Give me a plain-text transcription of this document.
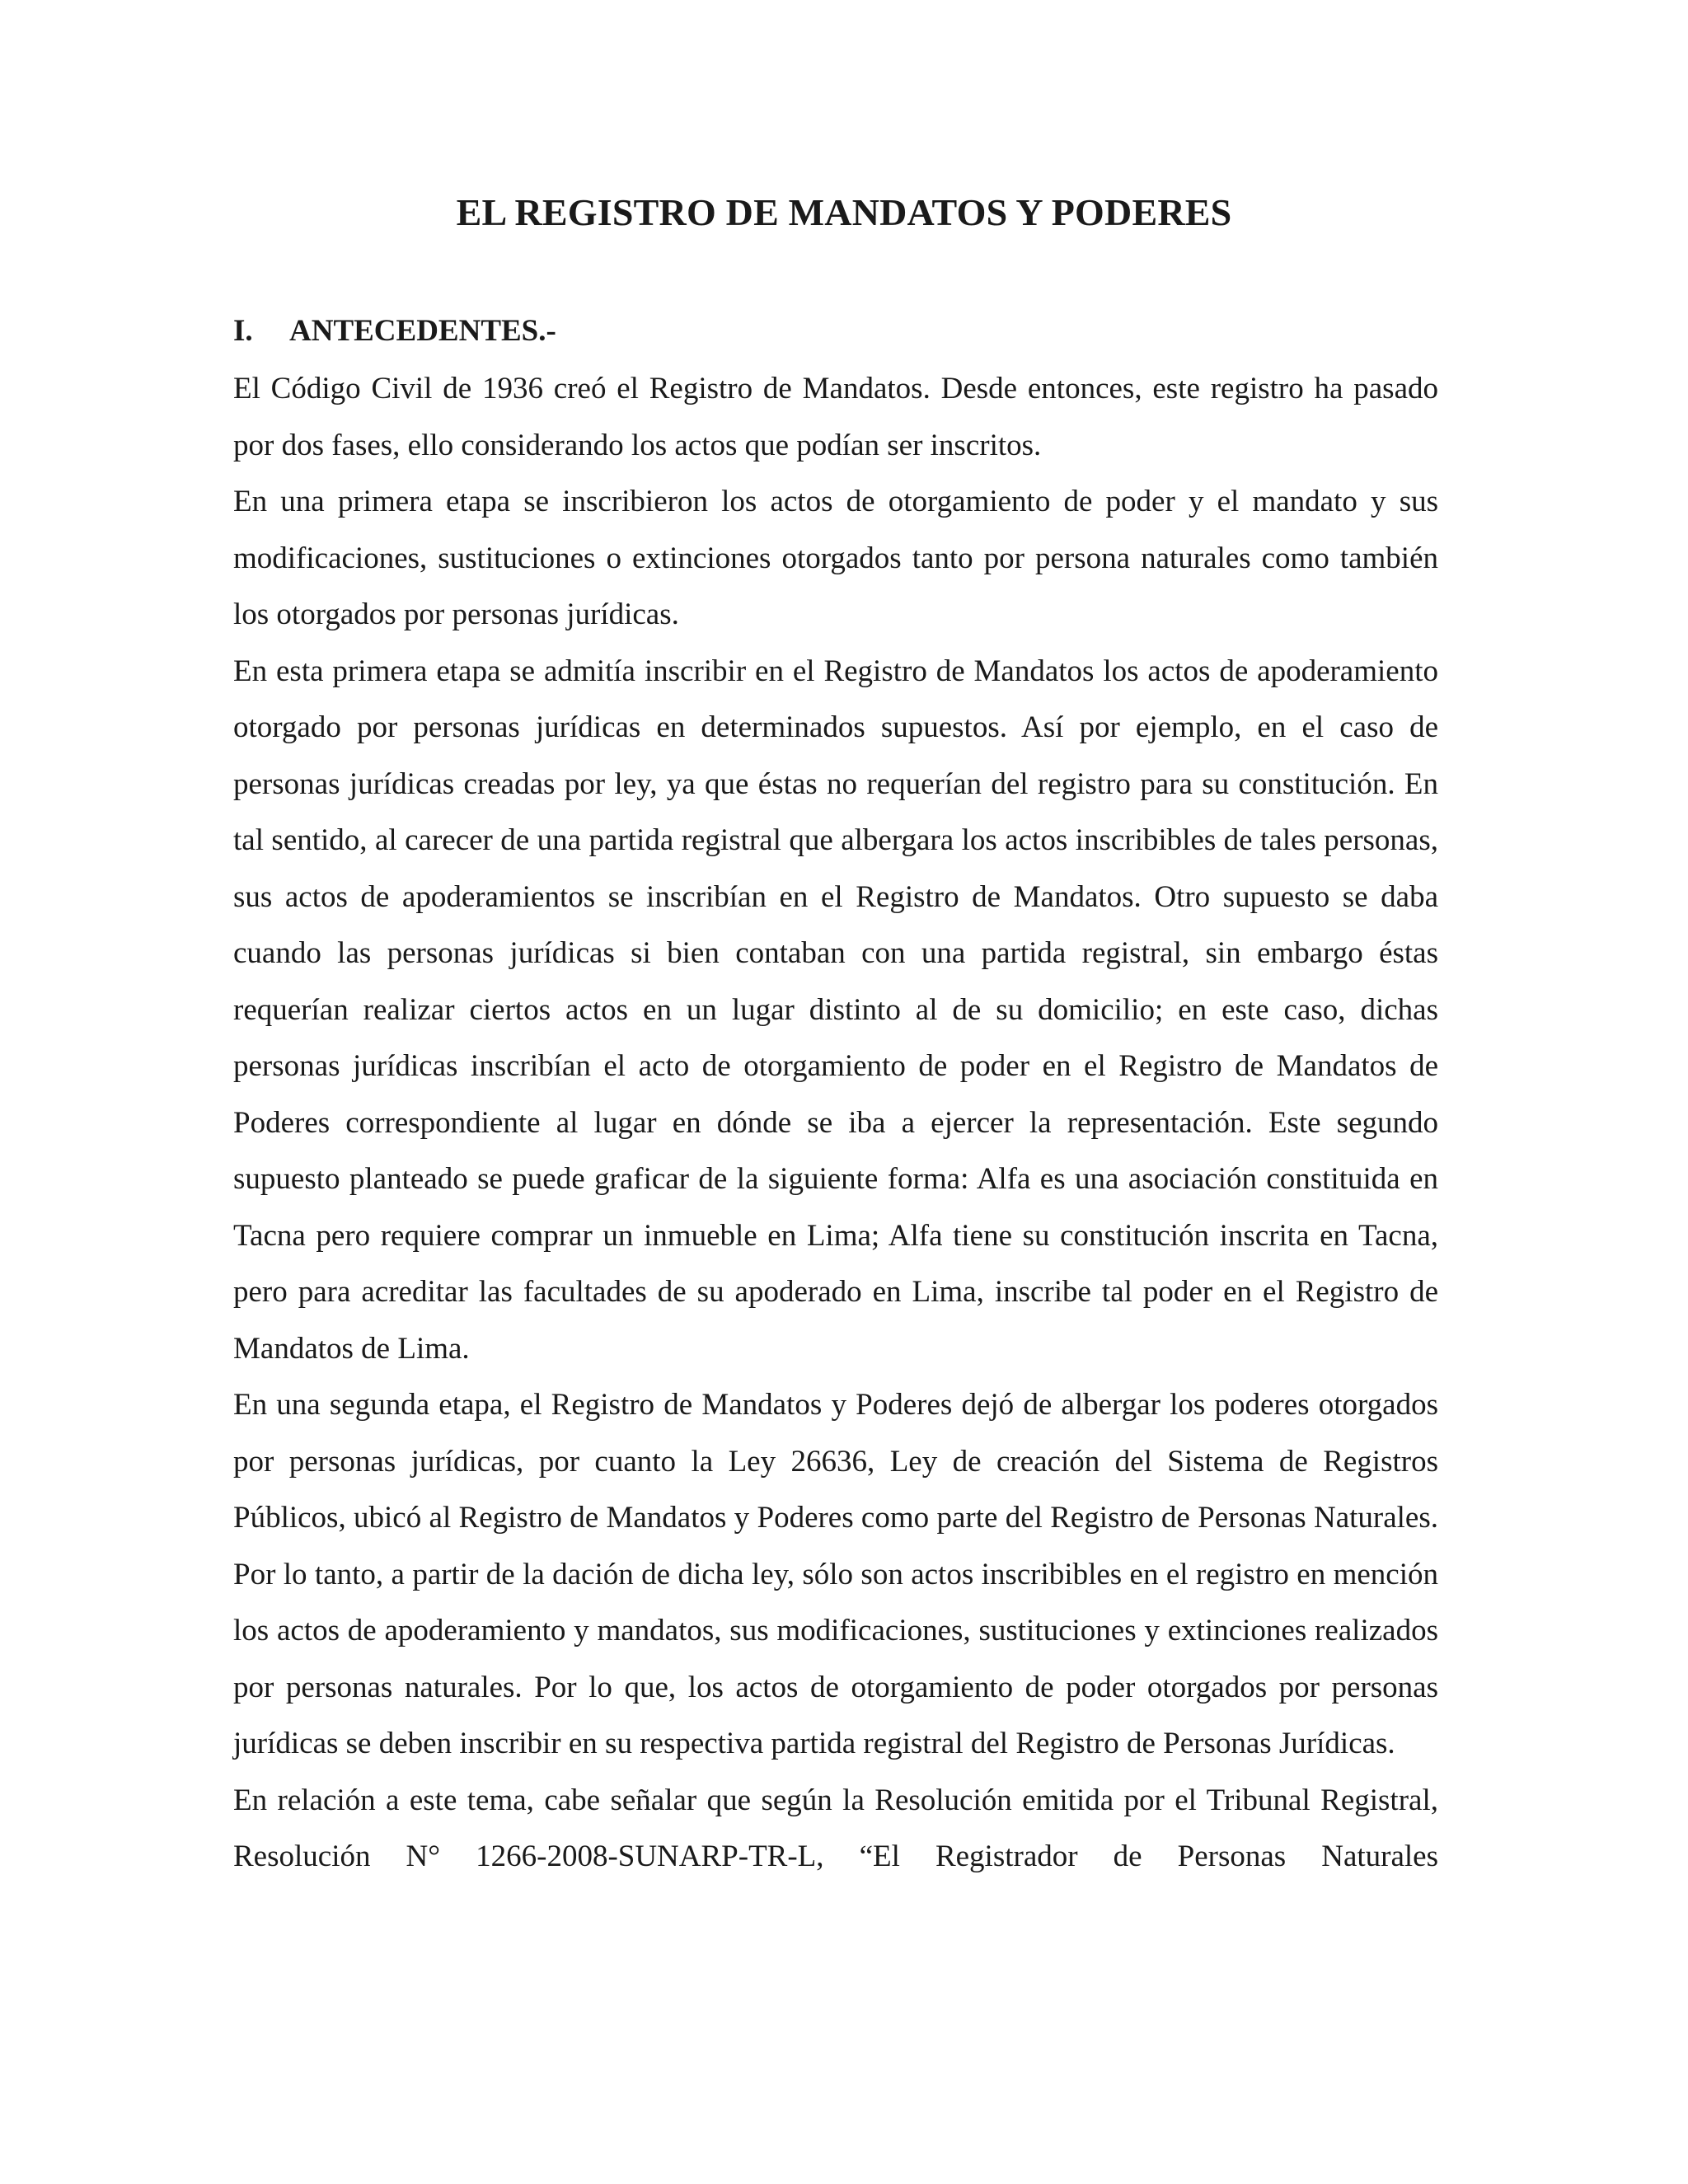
EL REGISTRO DE MANDATOS Y PODERES
I. ANTECEDENTES.-

El Código Civil de 1936 creó el Registro de Mandatos. Desde entonces, este registro ha pasado por dos fases, ello considerando los actos que podían ser inscritos.

En una primera etapa se inscribieron los actos de otorgamiento de poder y el mandato y sus modificaciones, sustituciones o extinciones otorgados tanto por persona naturales como también los otorgados por personas jurídicas.

En esta primera etapa se admitía inscribir en el Registro de Mandatos los actos de apoderamiento otorgado por personas jurídicas en determinados supuestos. Así por ejemplo, en el caso de personas jurídicas creadas por ley, ya que éstas no requerían del registro para su constitución. En tal sentido, al carecer de una partida registral que albergara los actos inscribibles de tales personas, sus actos de apoderamientos se inscribían en el Registro de Mandatos. Otro supuesto se daba cuando las personas jurídicas si bien contaban con una partida registral, sin embargo éstas requerían realizar ciertos actos en un lugar distinto al de su domicilio; en este caso, dichas personas jurídicas inscribían el acto de otorgamiento de poder en el Registro de Mandatos de Poderes correspondiente al lugar en dónde se iba a ejercer la representación. Este segundo supuesto planteado se puede graficar de la siguiente forma: Alfa es una asociación constituida en Tacna pero requiere comprar un inmueble en Lima; Alfa tiene su constitución inscrita en Tacna, pero para acreditar las facultades de su apoderado en Lima, inscribe tal poder en el Registro de Mandatos de Lima.

En una segunda etapa, el Registro de Mandatos y Poderes dejó de albergar los poderes otorgados por personas jurídicas, por cuanto la Ley 26636, Ley de creación del Sistema de Registros Públicos, ubicó al Registro de Mandatos y Poderes como parte del Registro de Personas Naturales. Por lo tanto, a partir de la dación de dicha ley, sólo son actos inscribibles en el registro en mención los actos de apoderamiento y mandatos, sus modificaciones, sustituciones y extinciones realizados por personas naturales. Por lo que, los actos de otorgamiento de poder otorgados por personas jurídicas se deben inscribir en su respectiva partida registral del Registro de Personas Jurídicas.

En relación a este tema, cabe señalar que según la Resolución emitida por el Tribunal Registral, Resolución N° 1266-2008-SUNARP-TR-L, “El Registrador de Personas Naturales
